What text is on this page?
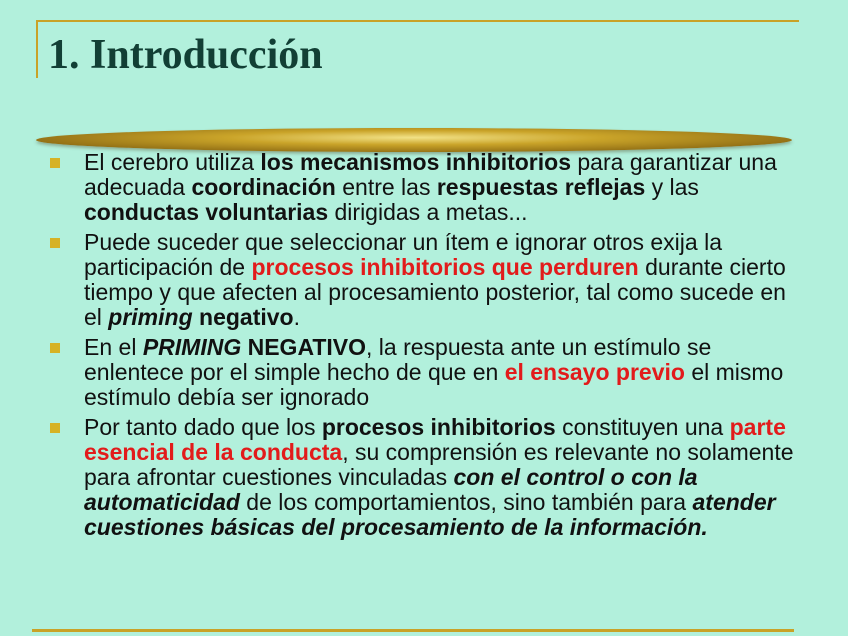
1. Introducción
El cerebro utiliza los mecanismos inhibitorios para garantizar una adecuada coordinación entre las respuestas reflejas y las conductas voluntarias dirigidas a metas...
Puede suceder que seleccionar un ítem e ignorar otros exija la participación de procesos inhibitorios que perduren durante cierto tiempo y que afecten al procesamiento posterior, tal como sucede en el priming negativo.
En el PRIMING NEGATIVO, la respuesta ante un estímulo se enlentece por el simple hecho de que en el ensayo previo el mismo estímulo debía ser ignorado
Por tanto dado que los procesos inhibitorios constituyen una parte esencial de la conducta, su comprensión es relevante no solamente para afrontar cuestiones vinculadas con el control o con la automaticidad de los comportamientos, sino también para atender cuestiones básicas del procesamiento de la información.
